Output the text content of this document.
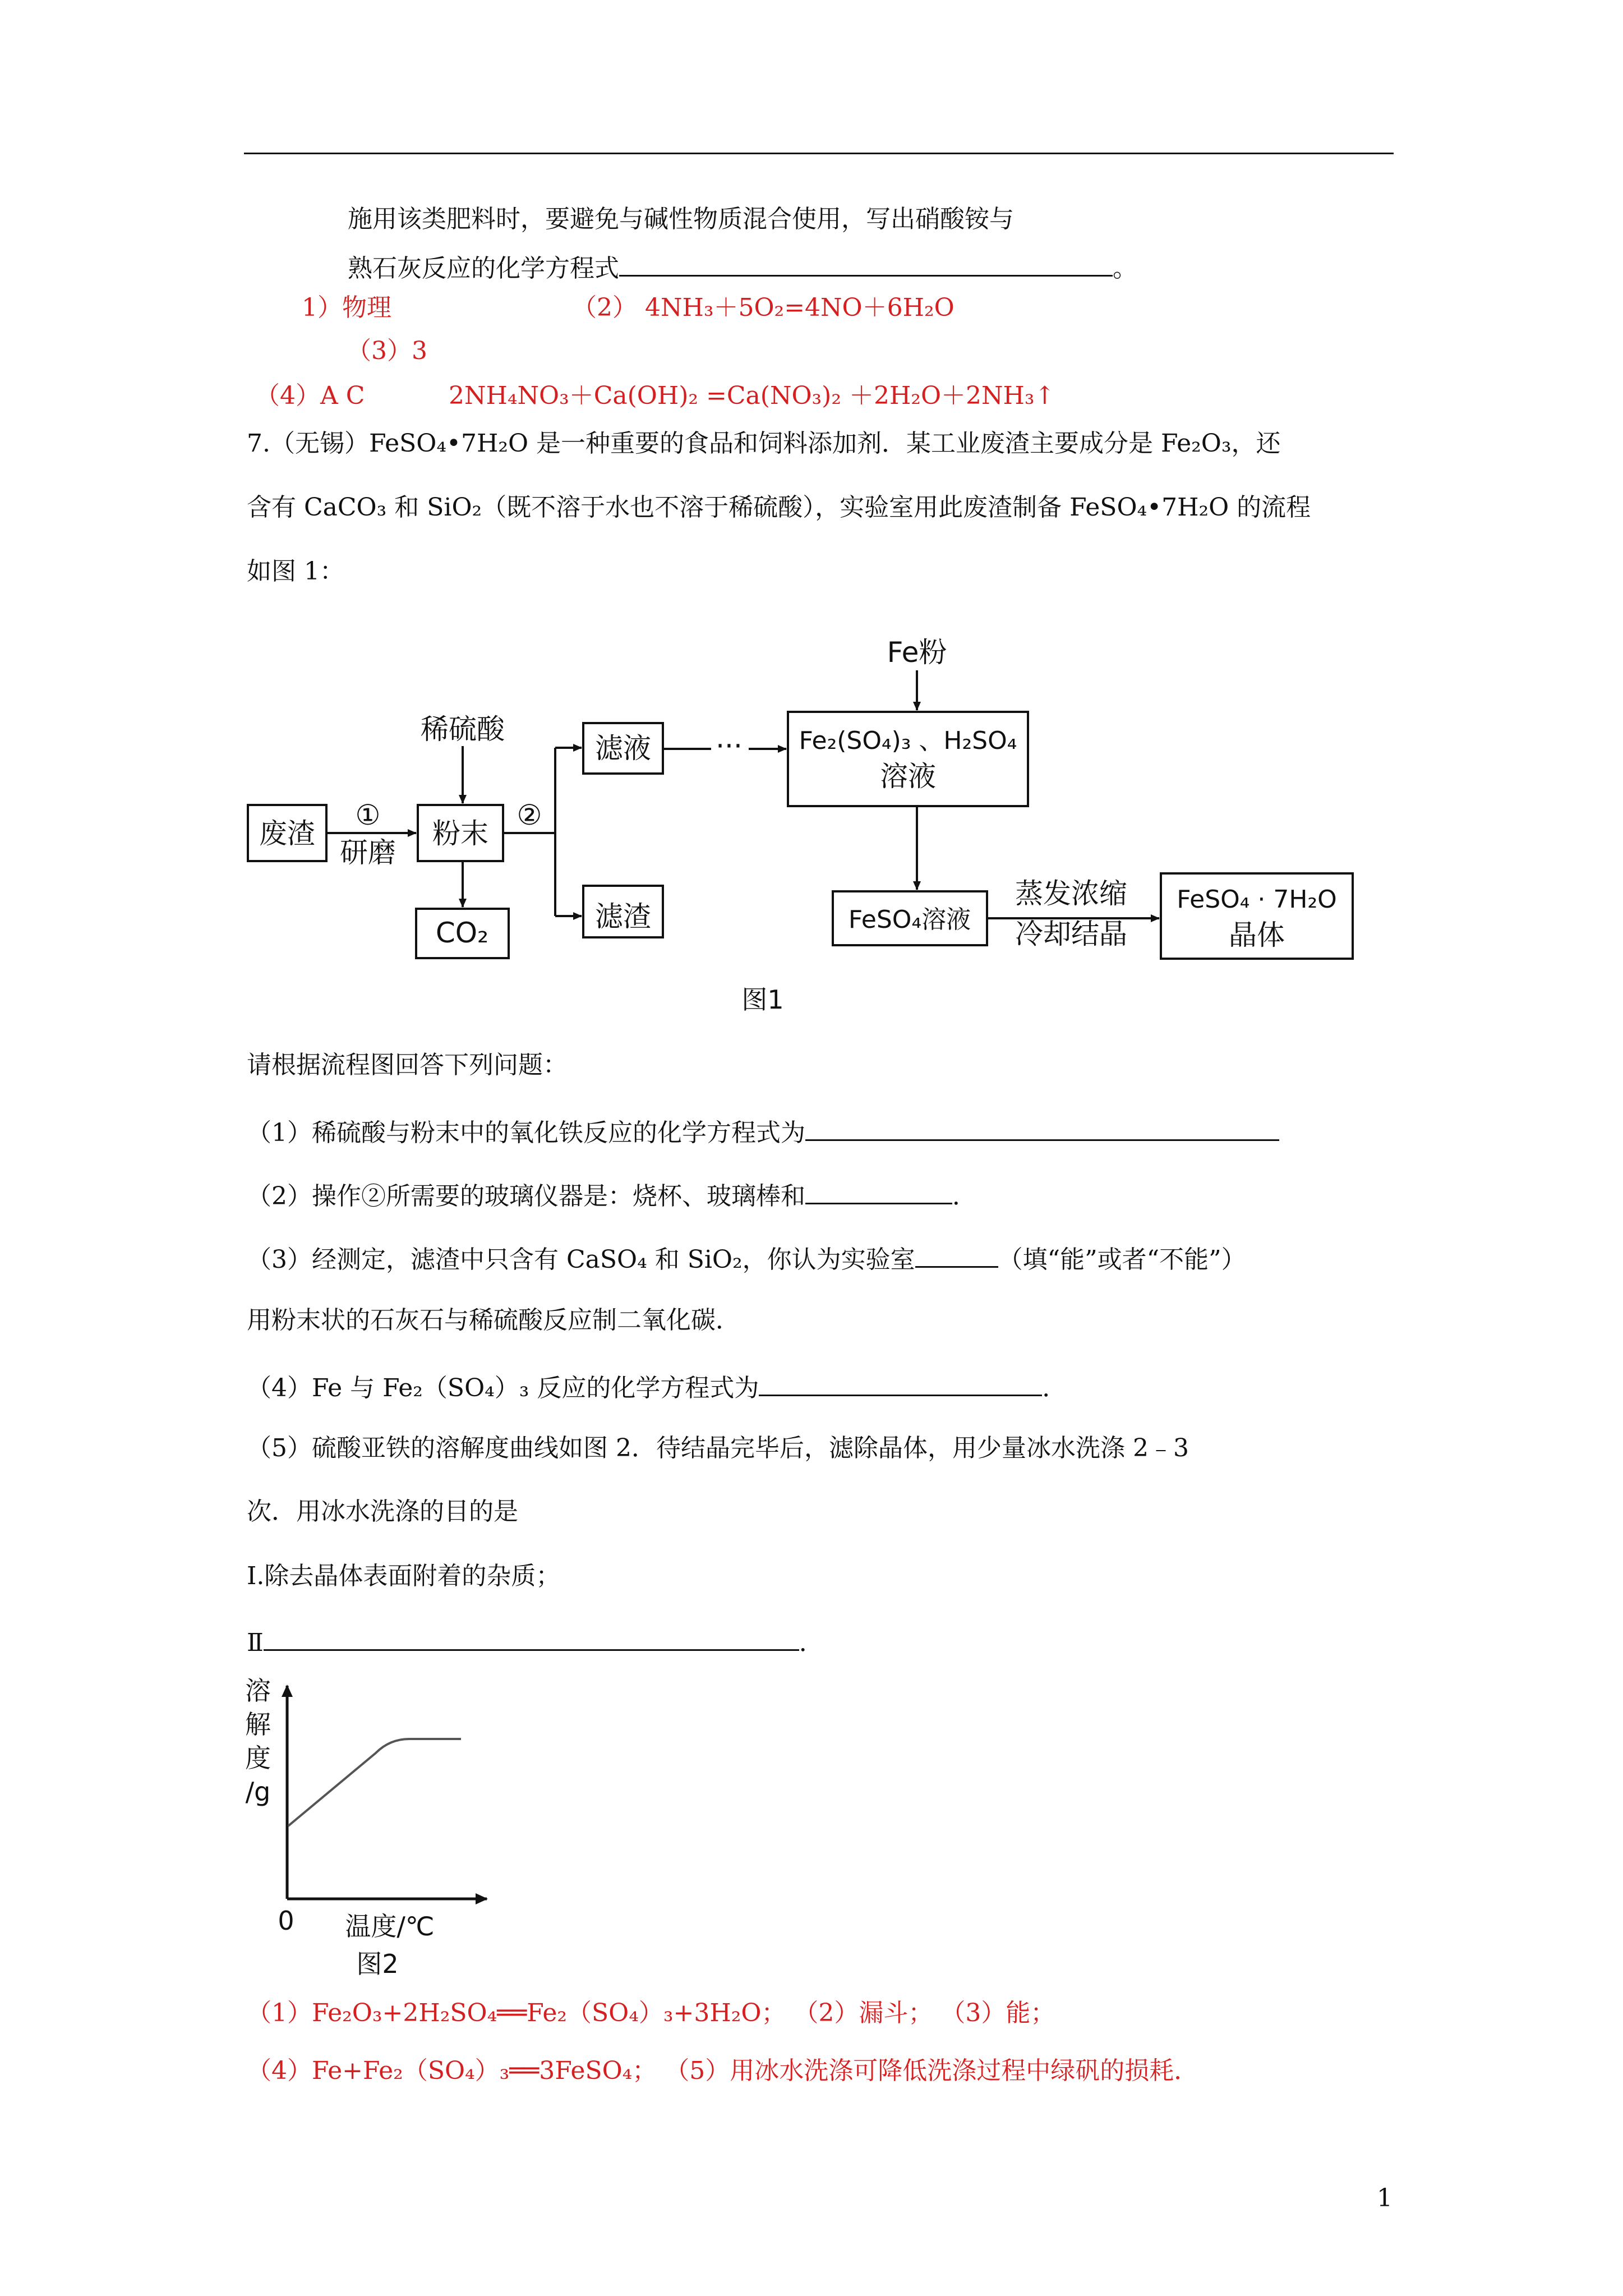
施用该类肥料时，要避免与碱性物质混合使用，写出硝酸铵与
熟石灰反应的化学方程式	。
1）物理	（2） 4NH₃＋5O₂=4NO＋6H₂O
（3）3
（4）A C	2NH₄NO₃＋Ca(OH)₂ =Ca(NO₃)₂ ＋2H₂O＋2NH₃↑
7.（无锡）FeSO₄•7H₂O 是一种重要的食品和饲料添加剂．某工业废渣主要成分是 Fe₂O₃，还
含有 CaCO₃ 和 SiO₂（既不溶于水也不溶于稀硫酸），实验室用此废渣制备 FeSO₄•7H₂O 的流程
如图 1：
Fe粉
稀硫酸
废渣
①
研磨
粉末
②
CO₂
滤液 ···
滤渣
Fe₂(SO₄)₃ 、H₂SO₄
溶液
FeSO₄溶液
蒸发浓缩
冷却结晶
FeSO₄ · 7H₂O
晶体
图1
请根据流程图回答下列问题：
（1）稀硫酸与粉末中的氧化铁反应的化学方程式为
（2）操作②所需要的玻璃仪器是：烧杯、玻璃棒和	．
（3）经测定，滤渣中只含有 CaSO₄ 和 SiO₂，你认为实验室	（填“能”或者“不能”）
用粉末状的石灰石与稀硫酸反应制二氧化碳．
（4）Fe 与 Fe₂（SO₄）₃ 反应的化学方程式为	．
（5）硫酸亚铁的溶解度曲线如图 2．待结晶完毕后，滤除晶体，用少量冰水洗涤 2﹣3
次．用冰水洗涤的目的是
Ⅰ.除去晶体表面附着的杂质；
Ⅱ	．
溶
解
度
/g
0 温度/℃
图2
（1）Fe₂O₃+2H₂SO₄══Fe₂（SO₄）₃+3H₂O； （2）漏斗； （3）能；
（4）Fe+Fe₂（SO₄）₃══3FeSO₄； （5）用冰水洗涤可降低洗涤过程中绿矾的损耗．
1
